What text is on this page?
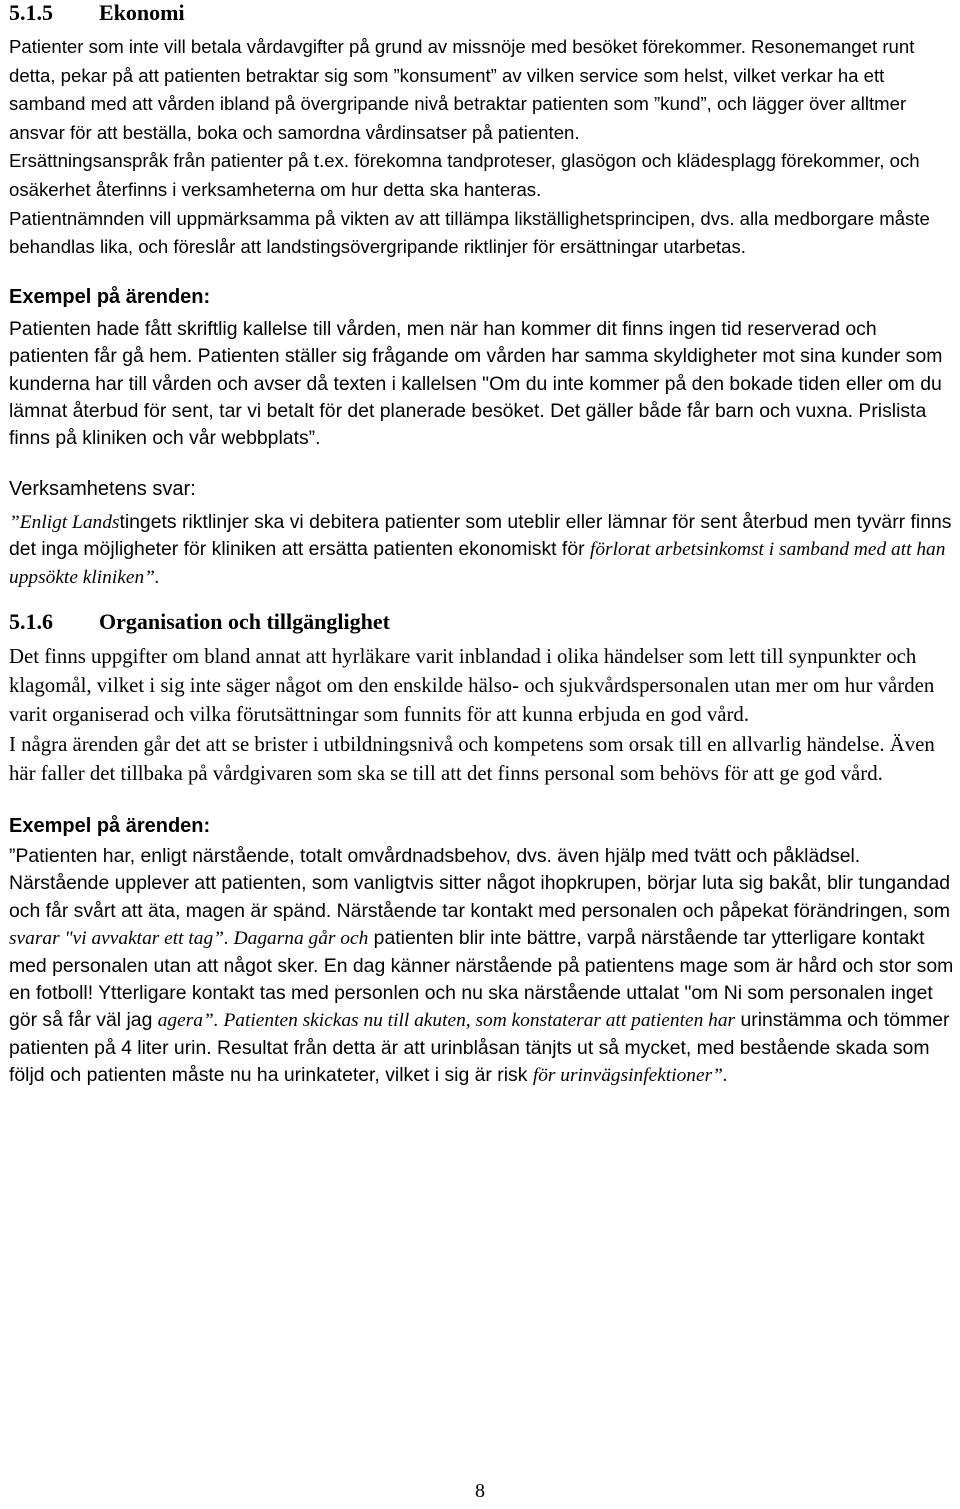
5.1.5 Ekonomi

Patienter som inte vill betala vårdavgifter på grund av missnöje med besöket förekommer. Resonemanget runt detta, pekar på att patienten betraktar sig som ”konsument” av vilken service som helst, vilket verkar ha ett samband med att vården ibland på övergripande nivå betraktar patienten som ”kund”, och lägger över alltmer ansvar för att beställa, boka och samordna vårdinsatser på patienten.

Ersättningsanspråk från patienter på t.ex. förekomna tandproteser, glasögon och klädesplagg förekommer, och osäkerhet återfinns i verksamheterna om hur detta ska hanteras.

Patientnämnden vill uppmärksamma på vikten av att tillämpa likställighetsprincipen, dvs. alla medborgare måste behandlas lika, och föreslår att landstingsövergripande riktlinjer för ersättningar utarbetas.

Exempel på ärenden:

Patienten hade fått skriftlig kallelse till vården, men när han kommer dit finns ingen tid reserverad och patienten får gå hem. Patienten ställer sig frågande om vården har samma skyldigheter mot sina kunder som kunderna har till vården och avser då texten i kallelsen "Om du inte kommer på den bokade tiden eller om du lämnat återbud för sent, tar vi betalt för det planerade besöket. Det gäller både får barn och vuxna. Prislista finns på kliniken och vår webbplats”.

Verksamhetens svar:

”Enligt Landstingets riktlinjer ska vi debitera patienter som uteblir eller lämnar för sent återbud men tyvärr finns det inga möjligheter för kliniken att ersätta patienten ekonomiskt för förlorat arbetsinkomst i samband med att han uppsökte kliniken”.

5.1.6 Organisation och tillgänglighet

Det finns uppgifter om bland annat att hyrläkare varit inblandad i olika händelser som lett till synpunkter och klagomål, vilket i sig inte säger något om den enskilde hälso- och sjukvårdspersonalen utan mer om hur vården varit organiserad och vilka förutsättningar som funnits för att kunna erbjuda en god vård.

I några ärenden går det att se brister i utbildningsnivå och kompetens som orsak till en allvarlig händelse. Även här faller det tillbaka på vårdgivaren som ska se till att det finns personal som behövs för att ge god vård.

Exempel på ärenden:

”Patienten har, enligt närstående, totalt omvårdnadsbehov, dvs. även hjälp med tvätt och påklädsel. Närstående upplever att patienten, som vanligtvis sitter något ihopkrupen, börjar luta sig bakåt, blir tungandad och får svårt att äta, magen är spänd. Närstående tar kontakt med personalen och påpekat förändringen, som svarar "vi avvaktar ett tag”. Dagarna går och patienten blir inte bättre, varpå närstående tar ytterligare kontakt med personalen utan att något sker. En dag känner närstående på patientens mage som är hård och stor som en fotboll! Ytterligare kontakt tas med personlen och nu ska närstående uttalat "om Ni som personalen inget gör så får väl jag agera”. Patienten skickas nu till akuten, som konstaterar att patienten har urinstämma och tömmer patienten på 4 liter urin. Resultat från detta är att urinblåsan tänjts ut så mycket, med bestående skada som följd och patienten måste nu ha urinkateter, vilket i sig är risk för urinvägsinfektioner”.

8
